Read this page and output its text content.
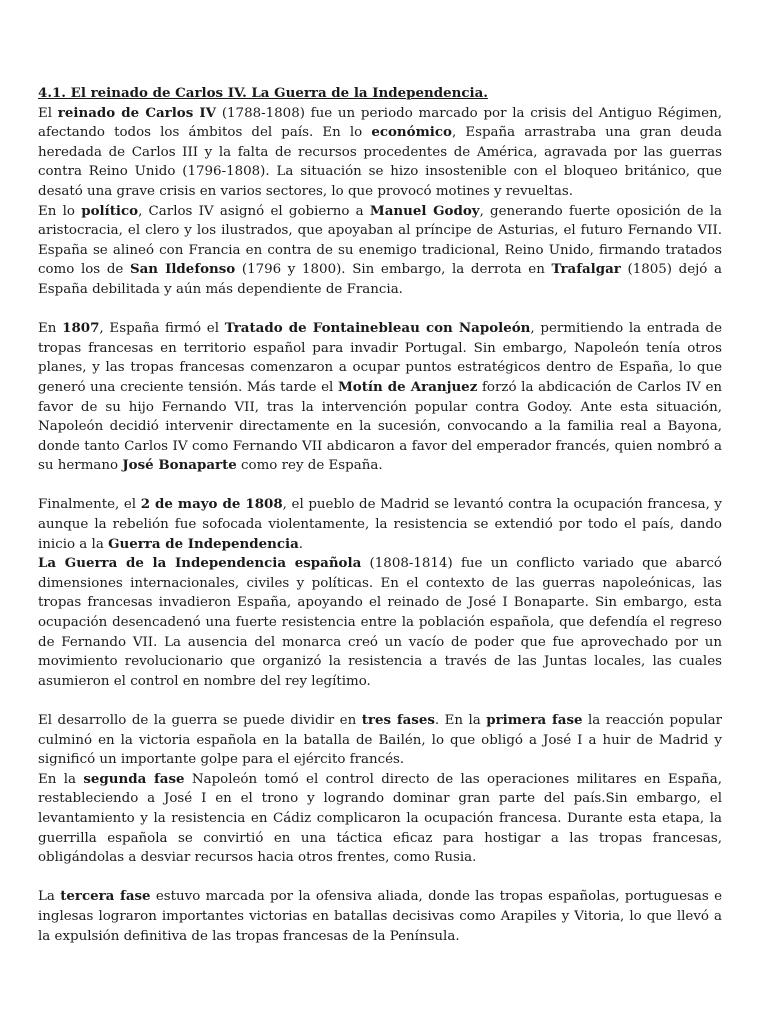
4.1. El reinado de Carlos IV. La Guerra de la Independencia.

El reinado de Carlos IV (1788-1808) fue un periodo marcado por la crisis del Antiguo Régimen, afectando todos los ámbitos del país. En lo económico, España arrastraba una gran deuda heredada de Carlos III y la falta de recursos procedentes de América, agravada por las guerras contra Reino Unido (1796-1808). La situación se hizo insostenible con el bloqueo británico, que desató una grave crisis en varios sectores, lo que provocó motines y revueltas.

En lo político, Carlos IV asignó el gobierno a Manuel Godoy, generando fuerte oposición de la aristocracia, el clero y los ilustrados, que apoyaban al príncipe de Asturias, el futuro Fernando VII. España se alineó con Francia en contra de su enemigo tradicional, Reino Unido, firmando tratados como los de San Ildefonso (1796 y 1800). Sin embargo, la derrota en Trafalgar (1805) dejó a España debilitada y aún más dependiente de Francia.

En 1807, España firmó el Tratado de Fontainebleau con Napoleón, permitiendo la entrada de tropas francesas en territorio español para invadir Portugal. Sin embargo, Napoleón tenía otros planes, y las tropas francesas comenzaron a ocupar puntos estratégicos dentro de España, lo que generó una creciente tensión. Más tarde el Motín de Aranjuez forzó la abdicación de Carlos IV en favor de su hijo Fernando VII, tras la intervención popular contra Godoy. Ante esta situación, Napoleón decidió intervenir directamente en la sucesión, convocando a la familia real a Bayona, donde tanto Carlos IV como Fernando VII abdicaron a favor del emperador francés, quien nombró a su hermano José Bonaparte como rey de España.

Finalmente, el 2 de mayo de 1808, el pueblo de Madrid se levantó contra la ocupación francesa, y aunque la rebelión fue sofocada violentamente, la resistencia se extendió por todo el país, dando inicio a la Guerra de Independencia.

La Guerra de la Independencia española (1808-1814) fue un conflicto variado que abarcó dimensiones internacionales, civiles y políticas. En el contexto de las guerras napoleónicas, las tropas francesas invadieron España, apoyando el reinado de José I Bonaparte. Sin embargo, esta ocupación desencadenó una fuerte resistencia entre la población española, que defendía el regreso de Fernando VII. La ausencia del monarca creó un vacío de poder que fue aprovechado por un movimiento revolucionario que organizó la resistencia a través de las Juntas locales, las cuales asumieron el control en nombre del rey legítimo.

El desarrollo de la guerra se puede dividir en tres fases. En la primera fase la reacción popular culminó en la victoria española en la batalla de Bailén, lo que obligó a José I a huir de Madrid y significó un importante golpe para el ejército francés.

En la segunda fase Napoleón tomó el control directo de las operaciones militares en España, restableciendo a José I en el trono y logrando dominar gran parte del país.Sin embargo, el levantamiento y la resistencia en Cádiz complicaron la ocupación francesa. Durante esta etapa, la guerrilla española se convirtió en una táctica eficaz para hostigar a las tropas francesas, obligándolas a desviar recursos hacia otros frentes, como Rusia.

La tercera fase estuvo marcada por la ofensiva aliada, donde las tropas españolas, portuguesas e inglesas lograron importantes victorias en batallas decisivas como Arapiles y Vitoria, lo que llevó a la expulsión definitiva de las tropas francesas de la Península.
